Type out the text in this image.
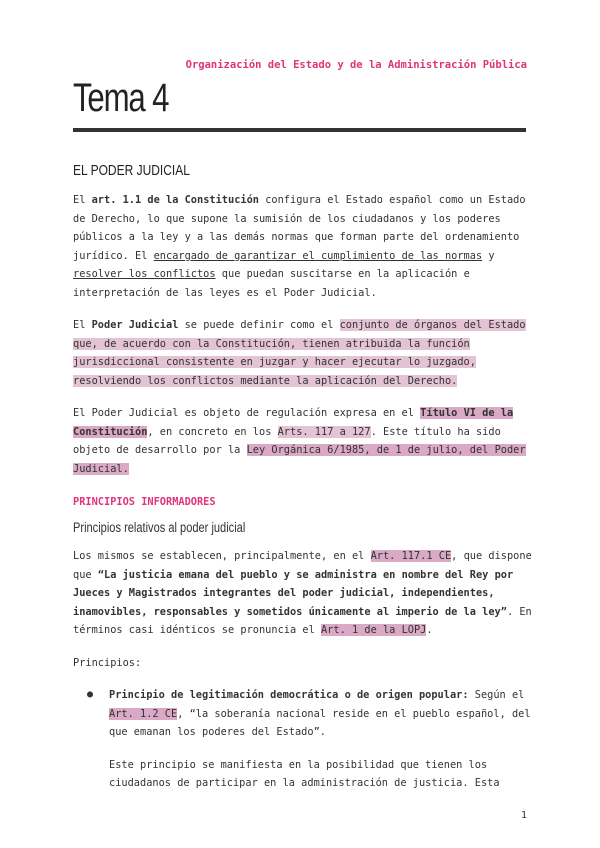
Organización del Estado y de la Administración Pública
Tema 4
EL PODER JUDICIAL

El art. 1.1 de la Constitución configura el Estado español como un Estado de Derecho, lo que supone la sumisión de los ciudadanos y los poderes públicos a la ley y a las demás normas que forman parte del ordenamiento jurídico. El encargado de garantizar el cumplimiento de las normas y resolver los conflictos que puedan suscitarse en la aplicación e interpretación de las leyes es el Poder Judicial.

El Poder Judicial se puede definir como el conjunto de órganos del Estado que, de acuerdo con la Constitución, tienen atribuida la función jurisdiccional consistente en juzgar y hacer ejecutar lo juzgado, resolviendo los conflictos mediante la aplicación del Derecho.

El Poder Judicial es objeto de regulación expresa en el Título VI de la Constitución, en concreto en los Arts. 117 a 127. Este título ha sido objeto de desarrollo por la Ley Orgánica 6/1985, de 1 de julio, del Poder Judicial.

PRINCIPIOS INFORMADORES
Principios relativos al poder judicial

Los mismos se establecen, principalmente, en el Art. 117.1 CE, que dispone que “La justicia emana del pueblo y se administra en nombre del Rey por Jueces y Magistrados integrantes del poder judicial, independientes, inamovibles, responsables y sometidos únicamente al imperio de la ley”. En términos casi idénticos se pronuncia el Art. 1 de la LOPJ.

Principios:

● Principio de legitimación democrática o de origen popular: Según el Art. 1.2 CE, “la soberanía nacional reside en el pueblo español, del que emanan los poderes del Estado”.

Este principio se manifiesta en la posibilidad que tienen los ciudadanos de participar en la administración de justicia. Esta

1
